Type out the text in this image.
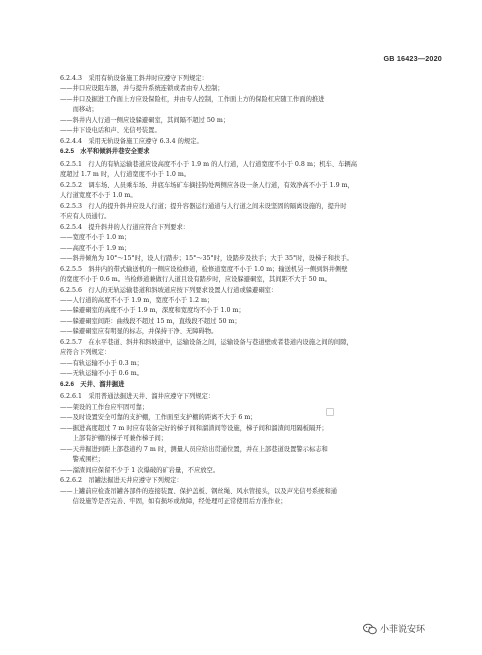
GB 16423—2020
6.2.4.3　采用有轨设备施工斜井时应遵守下列规定：
——井口应设阻车器，并与提升系统连锁或者由专人控制；
——井口及掘进工作面上方应设保险杠，并由专人控制，工作面上方的保险杠应随工作面的推进
　　而移动；
——斜井内人行道一侧应设躲避硐室，其间隔不超过 50 m；
——井下设电话和声、光信号装置。
6.2.4.4　采用无轨设备施工应遵守 6.3.4 的规定。
6.2.5　水平和倾斜井巷安全要求
6.2.5.1　行人的有轨运输巷道应设高度不小于 1.9 m 的人行道，人行道宽度不小于 0.8 m；机车、车辆高
度超过 1.7 m 时，人行道宽度不小于 1.0 m。
6.2.5.2　调车场、人员乘车场、井底车场矿车摘挂钩处两侧应各设一条人行道，有效净高不小于 1.9 m，
人行道宽度不小于 1.0 m。
6.2.5.3　行人的提升斜井应设人行道；提升容器运行通道与人行道之间未设坚固的隔离设施的，提升时
不应有人员通行。
6.2.5.4　提升斜井的人行道应符合下列要求：
——宽度不小于 1.0 m；
——高度不小于 1.9 m；
——斜井倾角为 10°～15°时，设人行踏步；15°～35°时，设踏步及扶手；大于 35°时，设梯子和扶手。
6.2.5.5　斜井内的带式输送机的一侧应设检修道，检修道宽度不小于 1.0 m；输送机另一侧到斜井侧壁
的宽度不小于 0.6 m。当检修道兼做行人道且设有踏步时，应设躲避硐室，其间距不大于 50 m。
6.2.5.6　行人的无轨运输巷道和斜坡道应按下列要求设置人行道或躲避硐室：
——人行道的高度不小于 1.9 m，宽度不小于 1.2 m；
——躲避硐室的高度不小于 1.9 m，深度和宽度均不小于 1.0 m；
——躲避硐室间距：曲线段不超过 15 m，直线段不超过 50 m；
——躲避硐室应有明显的标志，并保持干净、无障碍物。
6.2.5.7　在水平巷道、斜井和斜坡道中，运输设备之间，运输设备与巷道壁或者巷道内设施之间的间隙，
应符合下列规定：
——有轨运输不小于 0.3 m；
——无轨运输不小于 0.6 m。
6.2.6　天井、溜井掘进
6.2.6.1　采用普通法掘进天井、溜井应遵守下列规定：
——架设的工作台应牢固可靠；
——及时设置安全可靠的支护棚，工作面至支护棚的距离不大于 6 m；
——掘进高度超过 7 m 时应有装备完好的梯子间和溜渣间等设施，梯子间和溜渣间用隔板隔开；
　　上部有护棚的梯子可兼作梯子间；
——天井掘进到距上部巷道约 7 m 时，测量人员应给出贯通位置，并在上部巷道设置警示标志和
　　警戒围栏；
——溜渣间应保留不少于 1 次爆破的矿岩量，不应放空。
6.2.6.2　吊罐法掘进天井应遵守下列规定：
——上罐前应检查吊罐各部件的连接装置、保护盖板、钢丝绳、风水管接头，以及声光信号系统和通
　　信设施等是否完善、牢固，如有损坏或故障，经处理可正常使用后方准作业；
小菲说安环
